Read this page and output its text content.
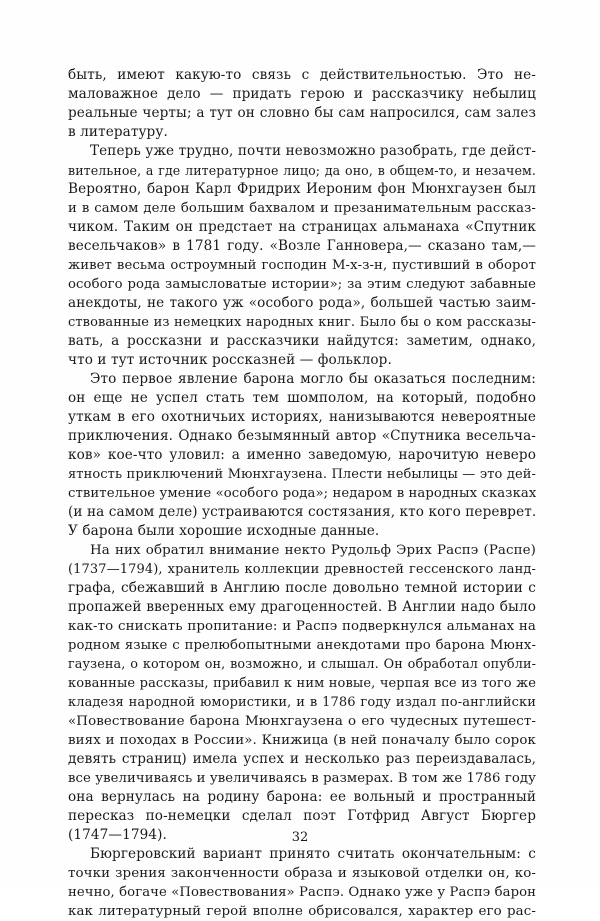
быть, имеют какую-то связь с действительностью. Это не-
маловажное дело — придать герою и рассказчику небылиц
реальные черты; а тут он словно бы сам напросился, сам залез
в литературу.
Теперь уже трудно, почти невозможно разобрать, где дейст-
вительное, а где литературное лицо; да оно, в общем-то, и незачем.
Вероятно, барон Карл Фридрих Иероним фон Мюнхгаузен был
и в самом деле большим бахвалом и презанимательным рассказ-
чиком. Таким он предстает на страницах альманаха «Спутник
весельчаков» в 1781 году. «Возле Ганновера,— сказано там,—
живет весьма остроумный господин М-х-з-н, пустивший в оборот
особого рода замысловатые истории»; за этим следуют забавные
анекдоты, не такого уж «особого рода», большей частью заим-
ствованные из немецких народных книг. Было бы о ком рассказы-
вать, а россказни и рассказчики найдутся: заметим, однако,
что и тут источник россказней — фольклор.
Это первое явление барона могло бы оказаться последним:
он еще не успел стать тем шомполом, на который, подобно
уткам в его охотничьих историях, нанизываются невероятные
приключения. Однако безымянный автор «Спутника весельча-
ков» кое-что уловил: а именно заведомую, нарочитую неверо
ятность приключений Мюнхгаузена. Плести небылицы — это дей-
ствительное умение «особого рода»; недаром в народных сказках
(и на самом деле) устраиваются состязания, кто кого переврет.
У барона были хорошие исходные данные.
На них обратил внимание некто Рудольф Эрих Распэ (Распе)
(1737—1794), хранитель коллекции древностей гессенского ланд-
графа, сбежавший в Англию после довольно темной истории с
пропажей вверенных ему драгоценностей. В Англии надо было
как-то снискать пропитание: и Распэ подверкнулся альманах на
родном языке с прелюбопытными анекдотами про барона Мюнх-
гаузена, о котором он, возможно, и слышал. Он обработал опубли-
кованные рассказы, прибавил к ним новые, черпая все из того же
кладезя народной юмористики, и в 1786 году издал по-английски
«Повествование барона Мюнхгаузена о его чудесных путешест-
виях и походах в России». Книжица (в ней поначалу было сорок
девять страниц) имела успех и несколько раз переиздавалась,
все увеличиваясь и увеличиваясь в размерах. В том же 1786 году
она вернулась на родину барона: ее вольный и пространный
пересказ по-немецки сделал поэт Готфрид Август Бюргер
(1747—1794).
Бюргеровский вариант принято считать окончательным: с
точки зрения законченности образа и языковой отделки он, ко-
нечно, богаче «Повествования» Распэ. Однако уже у Распэ барон
как литературный герой вполне обрисовался, характер его рас-
32
